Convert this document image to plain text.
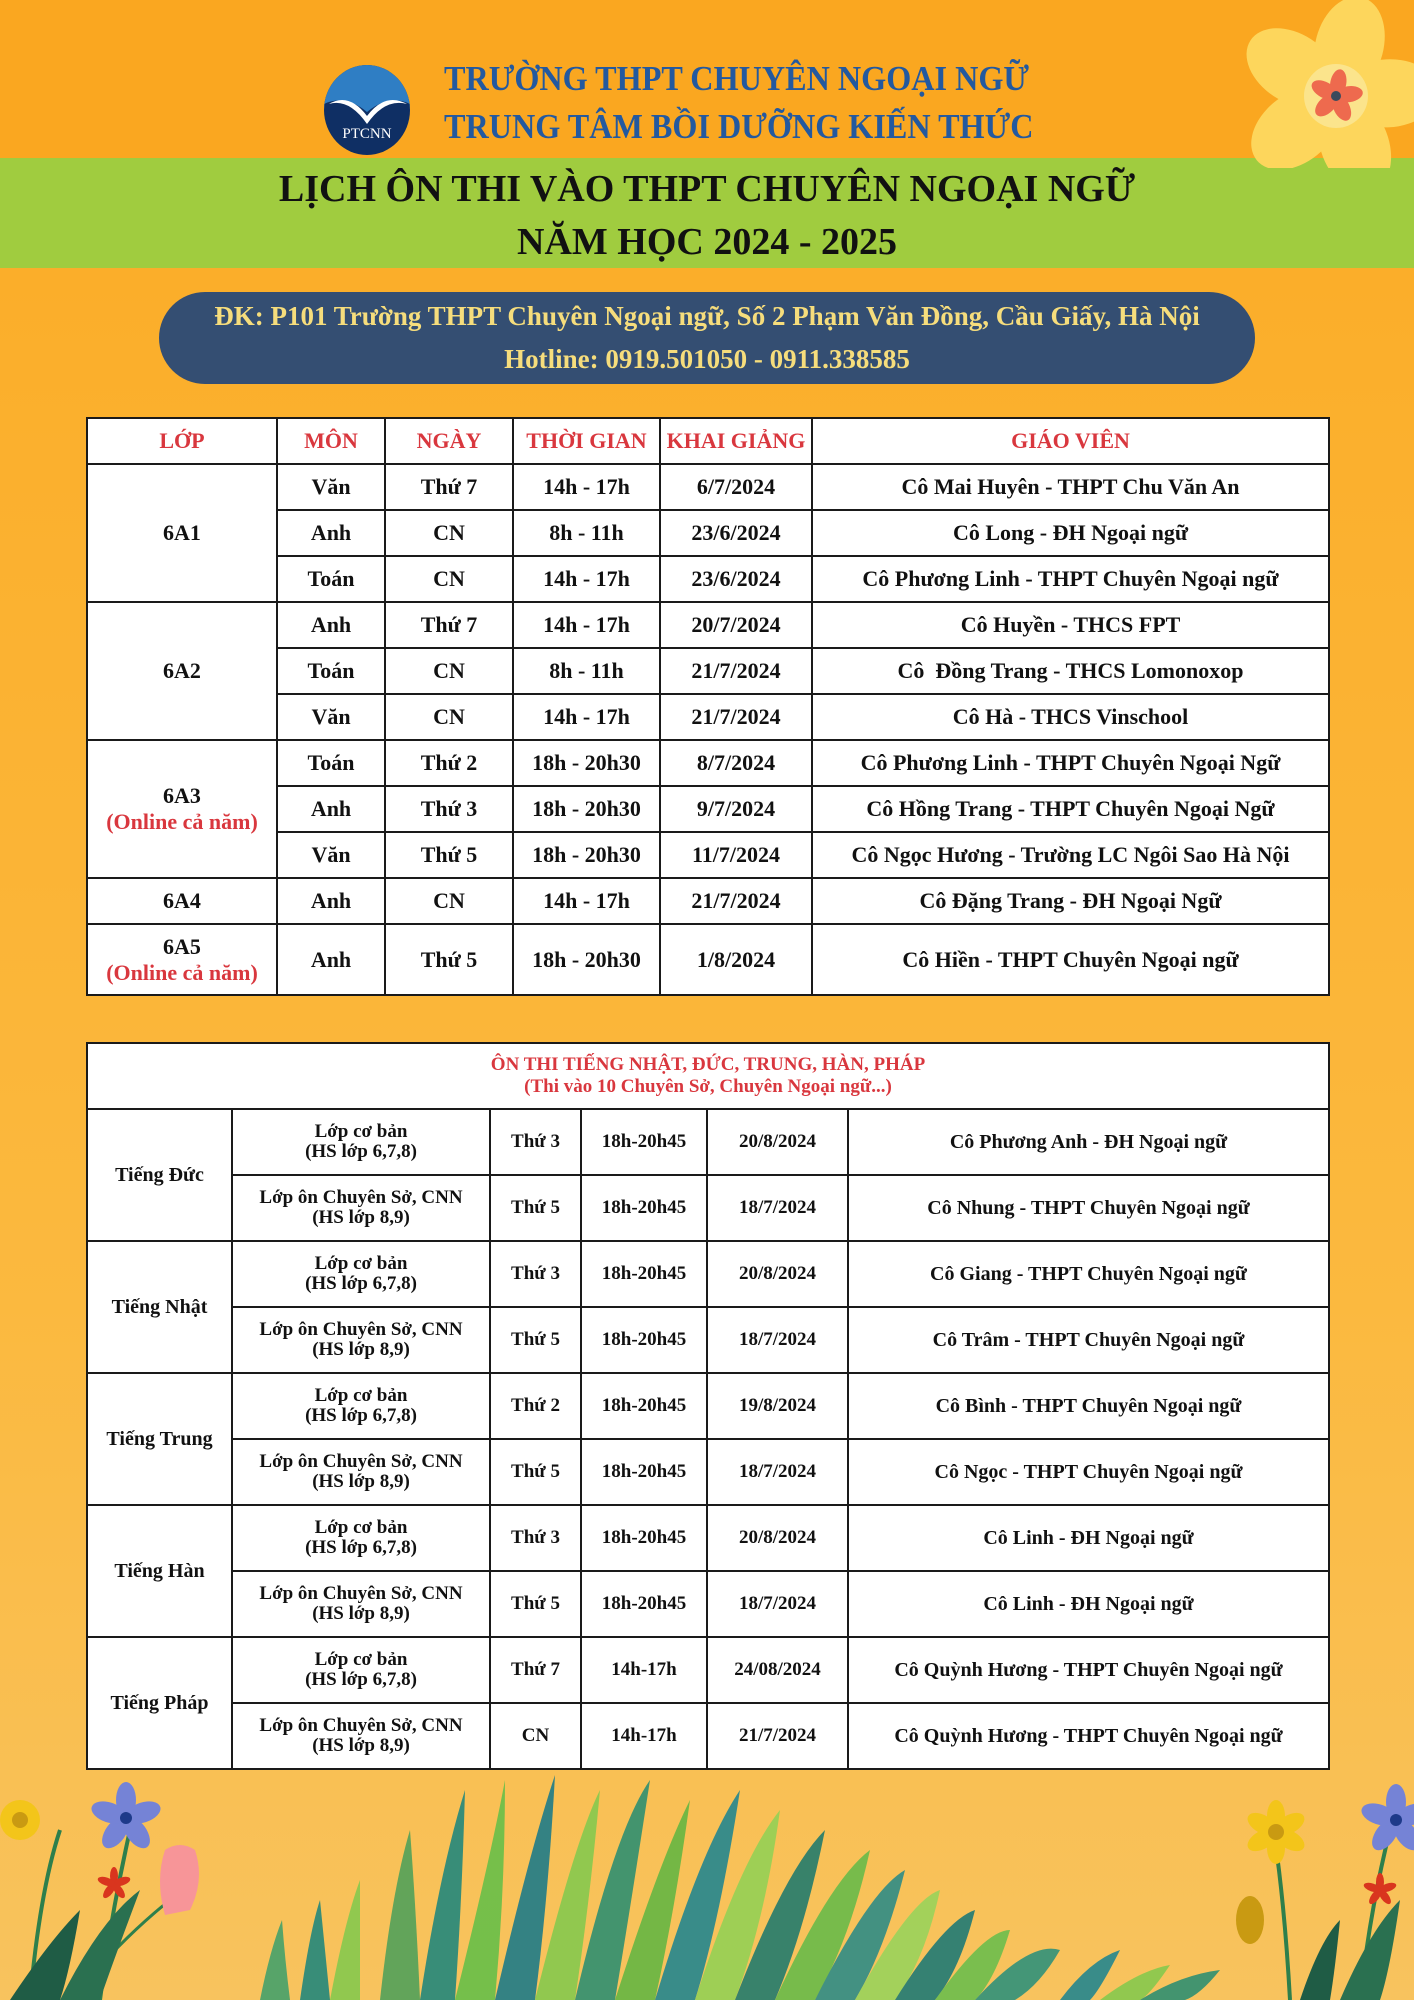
PTCNN
TRƯỜNG THPT CHUYÊN NGOẠI NGỮ
TRUNG TÂM BỒI DƯỠNG KIẾN THỨC
LỊCH ÔN THI VÀO THPT CHUYÊN NGOẠI NGỮ
NĂM HỌC 2024 - 2025
ĐK: P101 Trường THPT Chuyên Ngoại ngữ, Số 2 Phạm Văn Đồng, Cầu Giấy, Hà Nội
Hotline: 0919.501050 - 0911.338585
LỚP	MÔN	NGÀY	THỜI GIAN	KHAI GIẢNG	GIÁO VIÊN

6A1	Văn	Thứ 7	14h - 17h	6/7/2024	Cô Mai Huyên - THPT Chu Văn An
	Anh	CN	8h - 11h	23/6/2024	Cô Long - ĐH Ngoại ngữ
	Toán	CN	14h - 17h	23/6/2024	Cô Phương Linh - THPT Chuyên Ngoại ngữ

6A2	Anh	Thứ 7	14h - 17h	20/7/2024	Cô Huyền - THCS FPT
	Toán	CN	8h - 11h	21/7/2024	Cô  Đồng Trang - THCS Lomonoxop
	Văn	CN	14h - 17h	21/7/2024	Cô Hà - THCS Vinschool

6A3
(Online cả năm)	Toán	Thứ 2	18h - 20h30	8/7/2024	Cô Phương Linh - THPT Chuyên Ngoại Ngữ
	Anh	Thứ 3	18h - 20h30	9/7/2024	Cô Hồng Trang - THPT Chuyên Ngoại Ngữ
	Văn	Thứ 5	18h - 20h30	11/7/2024	Cô Ngọc Hương - Trường LC Ngôi Sao Hà Nội

6A4	Anh	CN	14h - 17h	21/7/2024	Cô Đặng Trang - ĐH Ngoại Ngữ

6A5
(Online cả năm)	Anh	Thứ 5	18h - 20h30	1/8/2024	Cô Hiền - THPT Chuyên Ngoại ngữ
ÔN THI TIẾNG NHẬT, ĐỨC, TRUNG, HÀN, PHÁP
(Thi vào 10 Chuyên Sở, Chuyên Ngoại ngữ...)					

Tiếng Đức	Lớp cơ bản
(HS lớp 6,7,8)	Thứ 3	18h-20h45	20/8/2024	Cô Phương Anh - ĐH Ngoại ngữ

	Lớp ôn Chuyên Sở, CNN
(HS lớp 8,9)	Thứ 5	18h-20h45	18/7/2024	Cô Nhung - THPT Chuyên Ngoại ngữ
Tiếng Nhật	Lớp cơ bản
(HS lớp 6,7,8)	Thứ 3	18h-20h45	20/8/2024	Cô Giang - THPT Chuyên Ngoại ngữ

	Lớp ôn Chuyên Sở, CNN
(HS lớp 8,9)	Thứ 5	18h-20h45	18/7/2024	Cô Trâm - THPT Chuyên Ngoại ngữ
Tiếng Trung	Lớp cơ bản
(HS lớp 6,7,8)	Thứ 2	18h-20h45	19/8/2024	Cô Bình - THPT Chuyên Ngoại ngữ

	Lớp ôn Chuyên Sở, CNN
(HS lớp 8,9)	Thứ 5	18h-20h45	18/7/2024	Cô Ngọc - THPT Chuyên Ngoại ngữ
Tiếng Hàn	Lớp cơ bản
(HS lớp 6,7,8)	Thứ 3	18h-20h45	20/8/2024	Cô Linh - ĐH Ngoại ngữ

	Lớp ôn Chuyên Sở, CNN
(HS lớp 8,9)	Thứ 5	18h-20h45	18/7/2024	Cô Linh - ĐH Ngoại ngữ
Tiếng Pháp	Lớp cơ bản
(HS lớp 6,7,8)	Thứ 7	14h-17h	24/08/2024	Cô Quỳnh Hương - THPT Chuyên Ngoại ngữ

	Lớp ôn Chuyên Sở, CNN
(HS lớp 8,9)	CN	14h-17h	21/7/2024	Cô Quỳnh Hương - THPT Chuyên Ngoại ngữ
